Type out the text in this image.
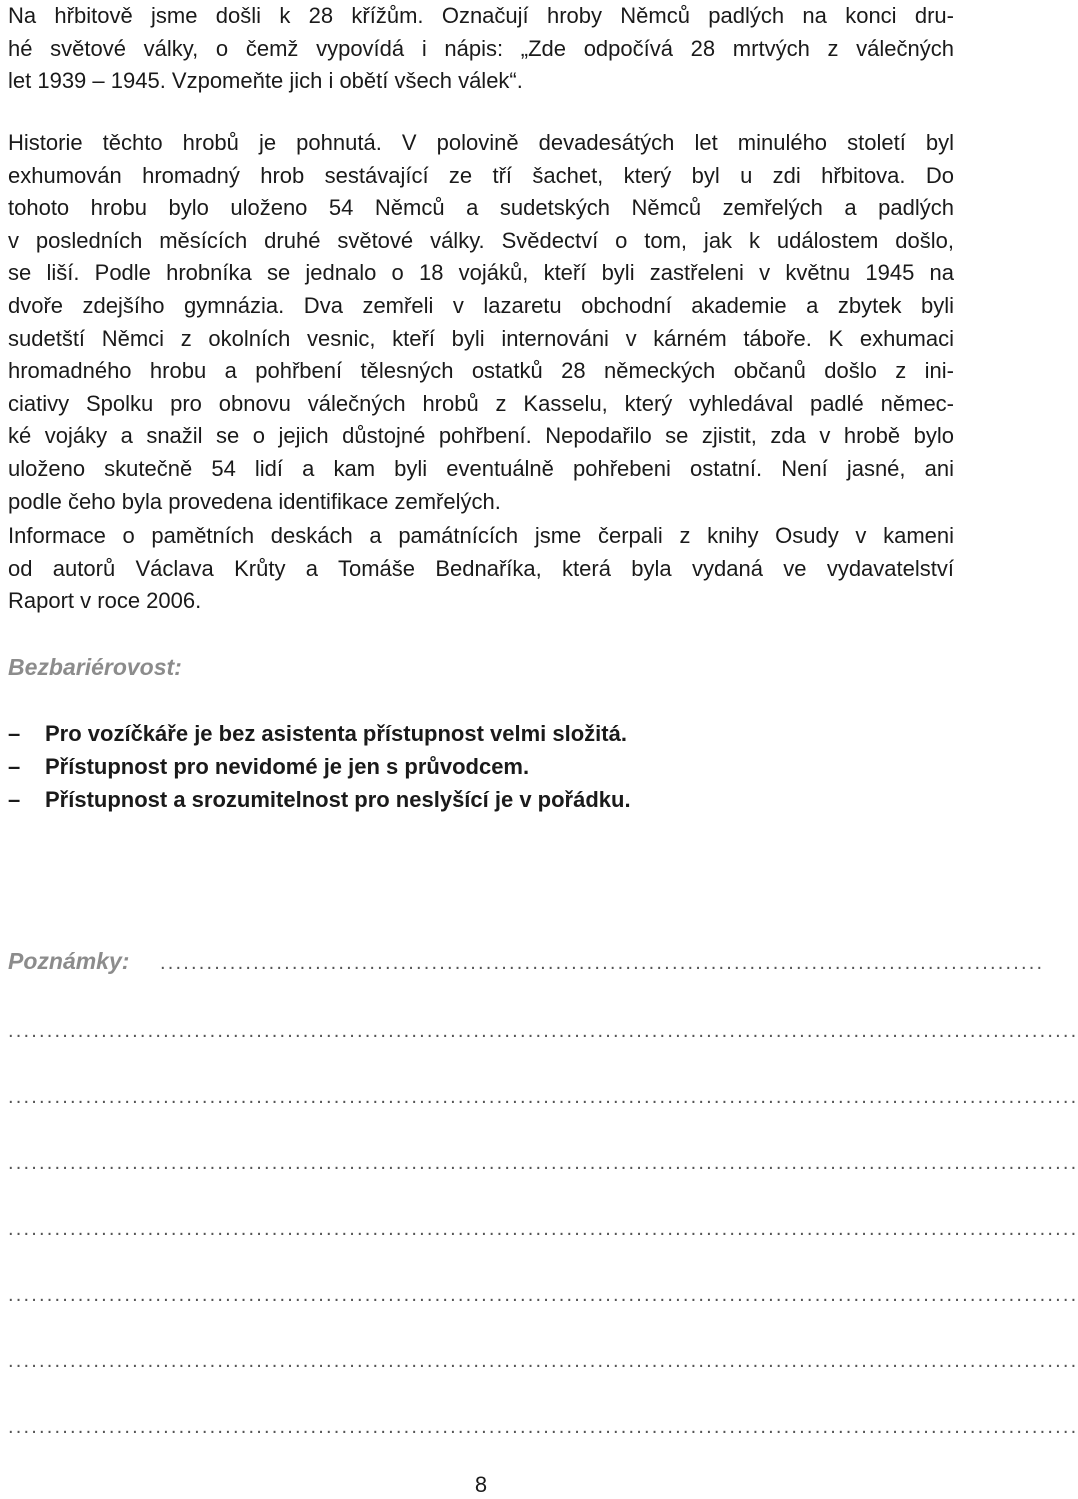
Na hřbitově jsme došli k 28 křížům. Označují hroby Němců padlých na konci dru-
hé světové války, o čemž vypovídá i nápis: „Zde odpočívá 28 mrtvých z válečných
let 1939 – 1945. Vzpomeňte jich i obětí všech válek“.

Historie těchto hrobů je pohnutá. V polovině devadesátých let minulého století byl
exhumován hromadný hrob sestávající ze tří šachet, který byl u zdi hřbitova. Do
tohoto hrobu bylo uloženo 54 Němců a sudetských Němců zemřelých a padlých
v posledních měsících druhé světové války. Svědectví o tom, jak k událostem došlo,
se liší. Podle hrobníka se jednalo o 18 vojáků, kteří byli zastřeleni v květnu 1945 na
dvoře zdejšího gymnázia. Dva zemřeli v lazaretu obchodní akademie a zbytek byli
sudetští Němci z okolních vesnic, kteří byli internováni v kárném táboře. K exhumaci
hromadného hrobu a pohřbení tělesných ostatků 28 německých občanů došlo z ini-
ciativy Spolku pro obnovu válečných hrobů z Kasselu, který vyhledával padlé němec-
ké vojáky a snažil se o jejich důstojné pohřbení. Nepodařilo se zjistit, zda v hrobě bylo
uloženo skutečně 54 lidí a kam byli eventuálně pohřebeni ostatní. Není jasné, ani
podle čeho byla provedena identifikace zemřelých.

Informace o pamětních deskách a památnících jsme čerpali z knihy Osudy v kameni
od autorů Václava Krůty a Tomáše Bednaříka, která byla vydaná ve vydavatelství
Raport v roce 2006.

Bezbariérovost:
– Pro vozíčkáře je bez asistenta přístupnost velmi složitá.
– Přístupnost pro nevidomé je jen s průvodcem.
– Přístupnost a srozumitelnost pro neslyšící je v pořádku.
Poznámky: ..................................................................................................................
..........................................................................................................................................
..........................................................................................................................................
..........................................................................................................................................
..........................................................................................................................................
..........................................................................................................................................
..........................................................................................................................................
..........................................................................................................................................
8
